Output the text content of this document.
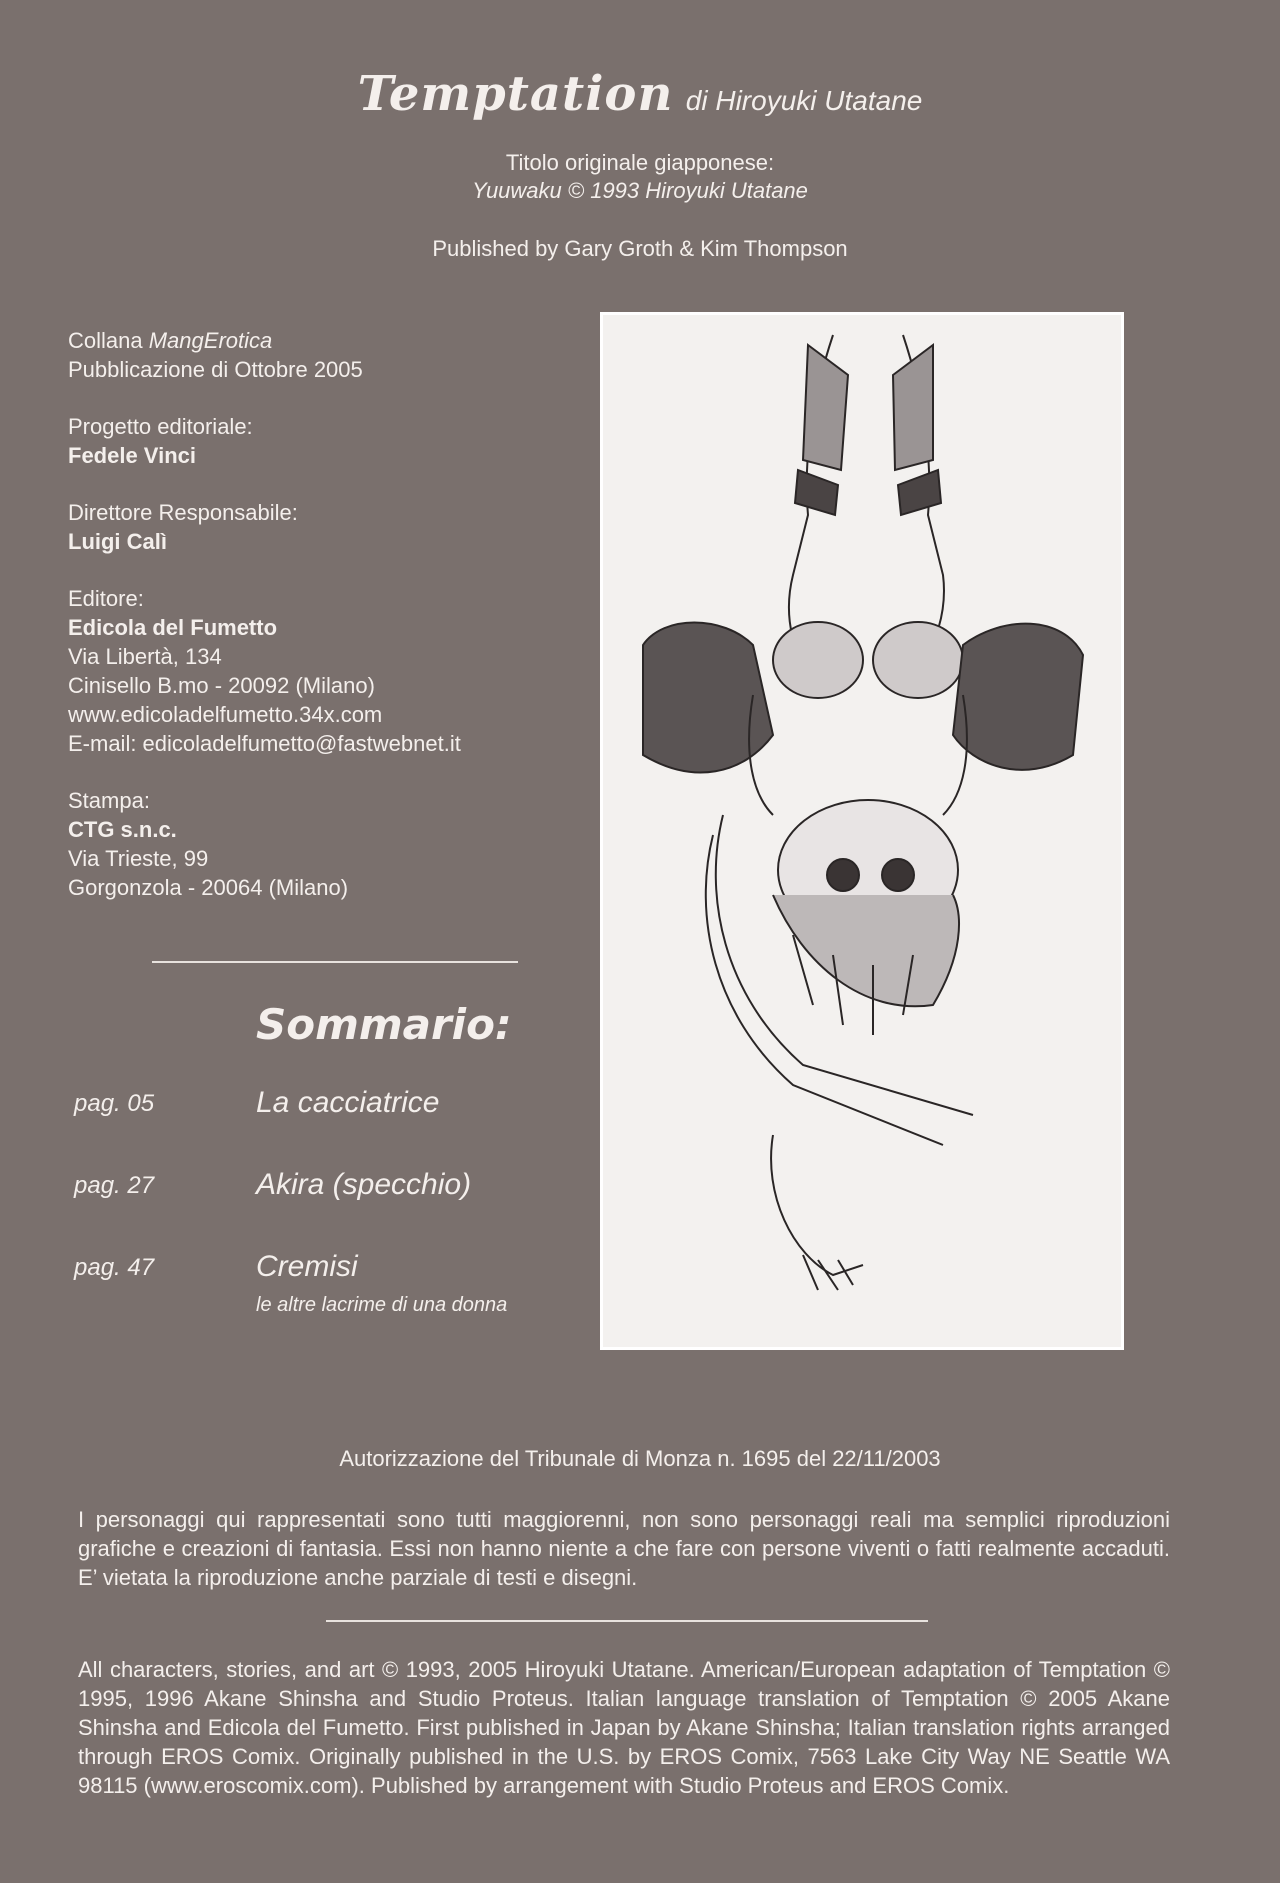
Temptation di Hiroyuki Utatane
Titolo originale giapponese:
Yuuwaku © 1993 Hiroyuki Utatane
Published by Gary Groth & Kim Thompson

Collana MangErotica
Pubblicazione di Ottobre 2005

Progetto editoriale:
Fedele Vinci

Direttore Responsabile:
Luigi Calì

Editore:
Edicola del Fumetto
Via Libertà, 134
Cinisello B.mo - 20092 (Milano)
www.edicoladelfumetto.34x.com
E-mail: edicoladelfumetto@fastwebnet.it

Stampa:
CTG s.n.c.
Via Trieste, 99
Gorgonzola - 20064 (Milano)

Sommario:
pag. 05	La cacciatrice
pag. 27	Akira (specchio)
pag. 47	Cremisi
le altre lacrime di una donna
Autorizzazione del Tribunale di Monza n. 1695 del 22/11/2003
I personaggi qui rappresentati sono tutti maggiorenni, non sono personaggi reali ma semplici riproduzioni grafiche e creazioni di fantasia. Essi non hanno niente a che fare con persone viventi o fatti realmente accaduti. E’ vietata la riproduzione anche parziale di testi e disegni.
All characters, stories, and art © 1993, 2005 Hiroyuki Utatane. American/European adaptation of Temptation © 1995, 1996 Akane Shinsha and Studio Proteus. Italian language translation of Temptation © 2005 Akane Shinsha and Edicola del Fumetto. First published in Japan by Akane Shinsha; Italian translation rights arranged through EROS Comix. Originally published in the U.S. by EROS Comix, 7563 Lake City Way NE Seattle WA 98115 (www.eroscomix.com). Published by arrangement with Studio Proteus and EROS Comix.
